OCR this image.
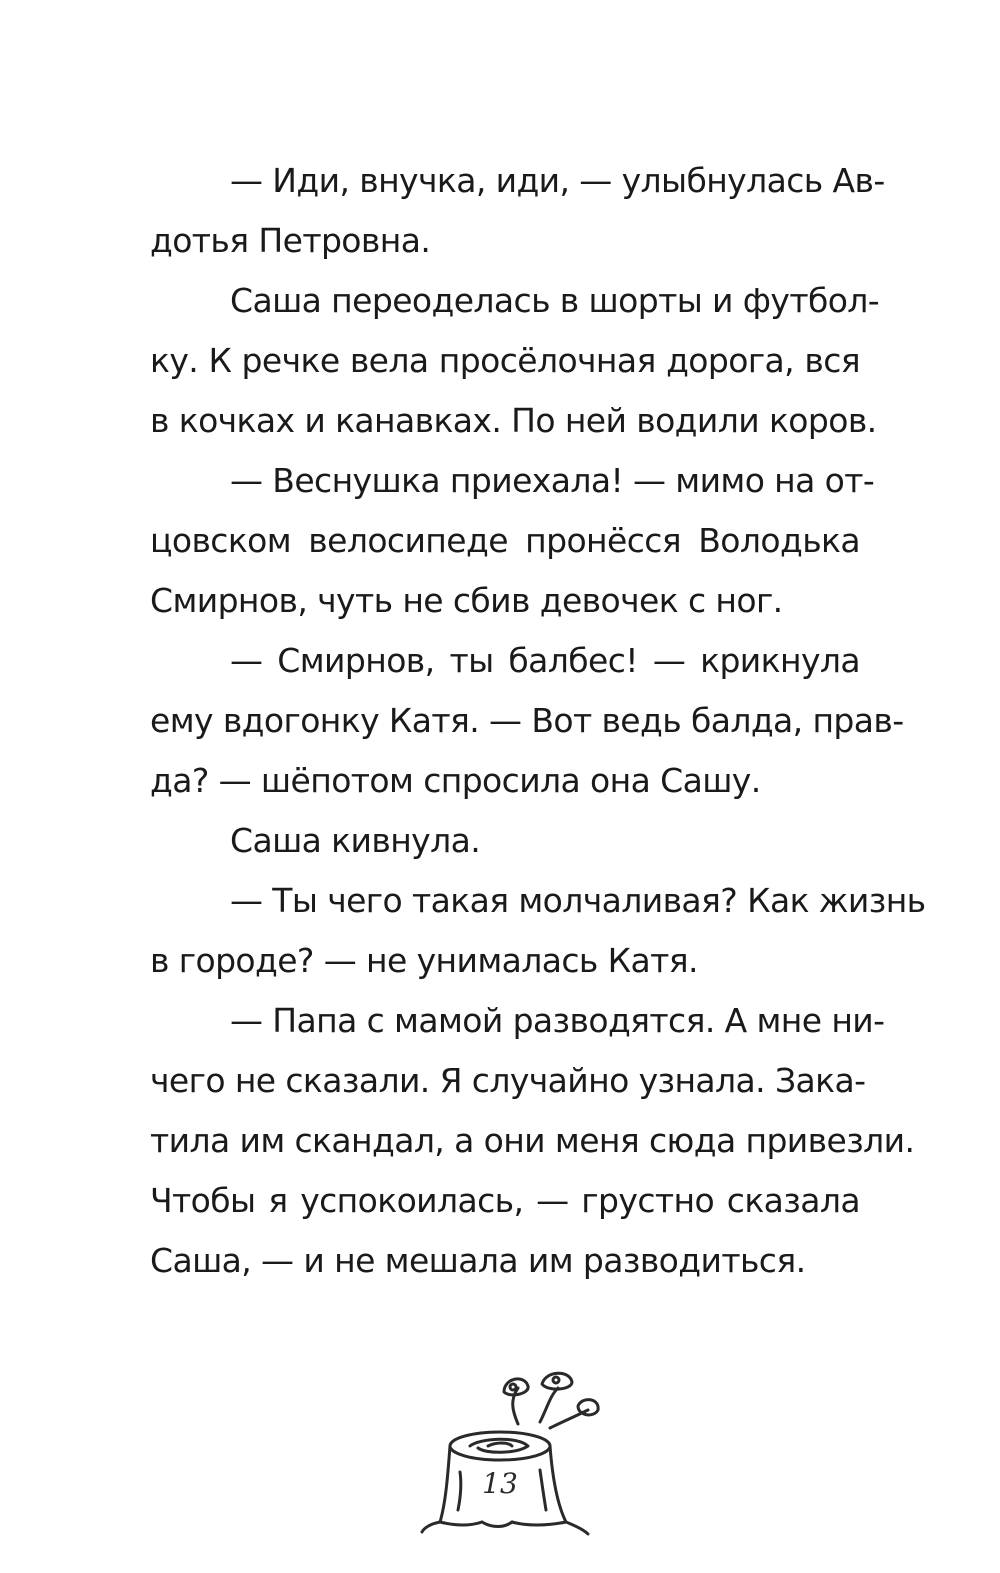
— Иди, внучка, иди, — улыбнулась Ав-
дотья Петровна.
Саша переоделась в шорты и футбол-
ку. К речке вела просёлочная дорога, вся
в кочках и канавках. По ней водили коров.
— Веснушка приехала! — мимо на от-
цовском велосипеде пронёсся Володька
Смирнов, чуть не сбив девочек с ног.
— Смирнов, ты балбес! — крикнула
ему вдогонку Катя. — Вот ведь балда, прав-
да? — шёпотом спросила она Сашу.
Саша кивнула.
— Ты чего такая молчаливая? Как жизнь
в городе? — не унималась Катя.
— Папа с мамой разводятся. А мне ни-
чего не сказали. Я случайно узнала. Зака-
тила им скандал, а они меня сюда привезли.
Чтобы я успокоилась, — грустно сказала
Саша, — и не мешала им разводиться.
13
